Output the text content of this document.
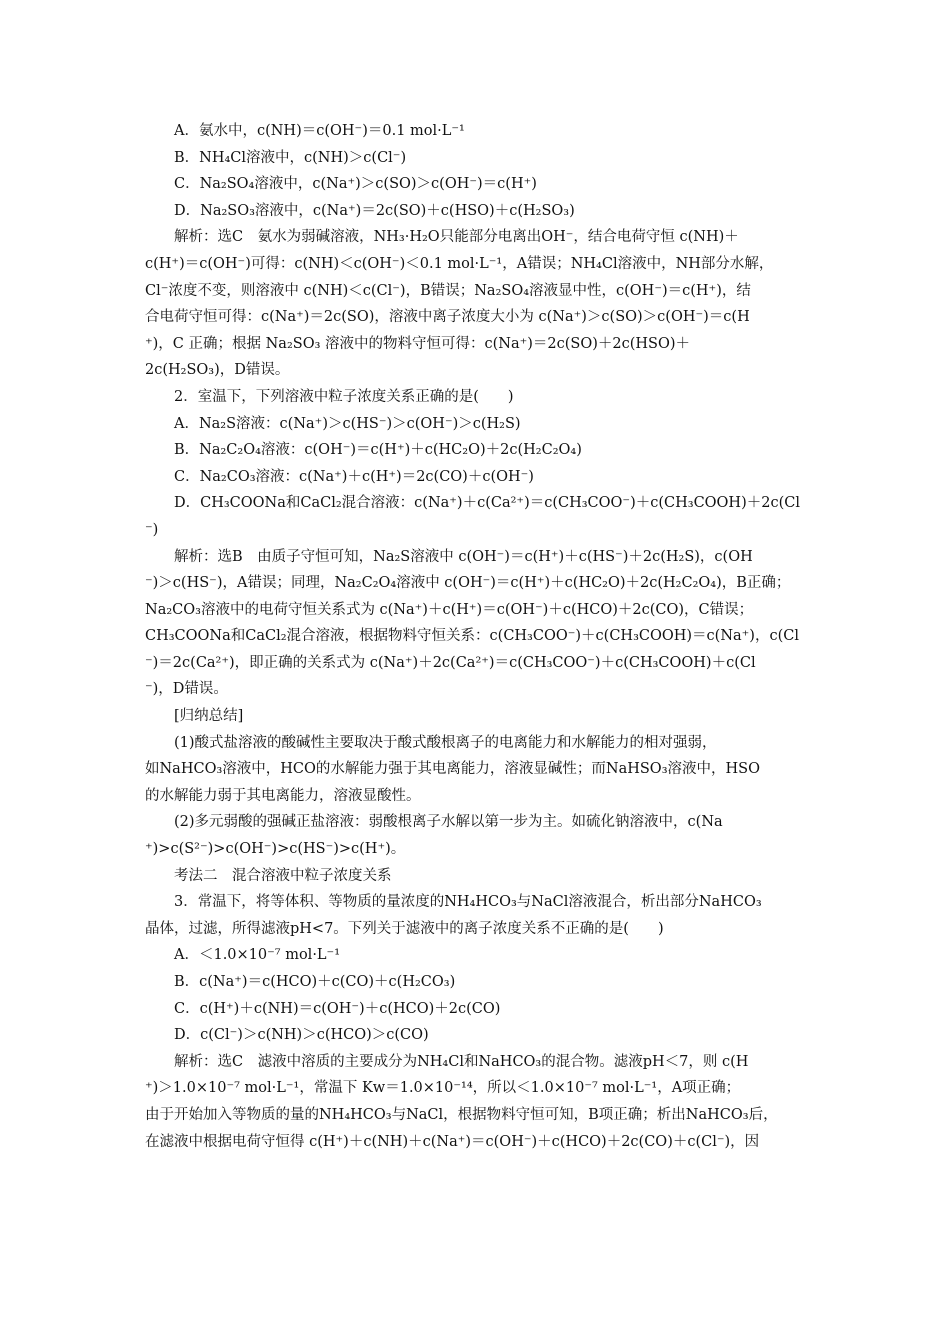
A．氨水中，c(NH)＝c(OH⁻)＝0.1 mol·L⁻¹
B．NH₄Cl溶液中，c(NH)＞c(Cl⁻)
C．Na₂SO₄溶液中，c(Na⁺)＞c(SO)＞c(OH⁻)＝c(H⁺)
D．Na₂SO₃溶液中，c(Na⁺)＝2c(SO)＋c(HSO)＋c(H₂SO₃)
解析：选C　氨水为弱碱溶液，NH₃·H₂O只能部分电离出OH⁻，结合电荷守恒 c(NH)＋
c(H⁺)＝c(OH⁻)可得：c(NH)＜c(OH⁻)＜0.1 mol·L⁻¹，A错误；NH₄Cl溶液中，NH部分水解，
Cl⁻浓度不变，则溶液中 c(NH)＜c(Cl⁻)，B错误；Na₂SO₄溶液显中性，c(OH⁻)＝c(H⁺)，结
合电荷守恒可得：c(Na⁺)＝2c(SO)，溶液中离子浓度大小为 c(Na⁺)＞c(SO)＞c(OH⁻)＝c(H
⁺)，C 正确；根据 Na₂SO₃ 溶液中的物料守恒可得：c(Na⁺)＝2c(SO)＋2c(HSO)＋
2c(H₂SO₃)，D错误。
2．室温下，下列溶液中粒子浓度关系正确的是(　　)
A．Na₂S溶液：c(Na⁺)＞c(HS⁻)＞c(OH⁻)＞c(H₂S)
B．Na₂C₂O₄溶液：c(OH⁻)＝c(H⁺)＋c(HC₂O)＋2c(H₂C₂O₄)
C．Na₂CO₃溶液：c(Na⁺)＋c(H⁺)＝2c(CO)＋c(OH⁻)
D．CH₃COONa和CaCl₂混合溶液：c(Na⁺)＋c(Ca²⁺)＝c(CH₃COO⁻)＋c(CH₃COOH)＋2c(Cl
⁻)
解析：选B　由质子守恒可知，Na₂S溶液中 c(OH⁻)＝c(H⁺)＋c(HS⁻)＋2c(H₂S)，c(OH
⁻)＞c(HS⁻)，A错误；同理，Na₂C₂O₄溶液中 c(OH⁻)＝c(H⁺)＋c(HC₂O)＋2c(H₂C₂O₄)，B正确；
Na₂CO₃溶液中的电荷守恒关系式为 c(Na⁺)＋c(H⁺)＝c(OH⁻)＋c(HCO)＋2c(CO)，C错误；
CH₃COONa和CaCl₂混合溶液，根据物料守恒关系：c(CH₃COO⁻)＋c(CH₃COOH)＝c(Na⁺)，c(Cl
⁻)＝2c(Ca²⁺)，即正确的关系式为 c(Na⁺)＋2c(Ca²⁺)＝c(CH₃COO⁻)＋c(CH₃COOH)＋c(Cl
⁻)，D错误。
[归纳总结]
(1)酸式盐溶液的酸碱性主要取决于酸式酸根离子的电离能力和水解能力的相对强弱，
如NaHCO₃溶液中，HCO的水解能力强于其电离能力，溶液显碱性；而NaHSO₃溶液中，HSO
的水解能力弱于其电离能力，溶液显酸性。
(2)多元弱酸的强碱正盐溶液：弱酸根离子水解以第一步为主。如硫化钠溶液中，c(Na
⁺)>c(S²⁻)>c(OH⁻)>c(HS⁻)>c(H⁺)。
考法二　混合溶液中粒子浓度关系
3．常温下，将等体积、等物质的量浓度的NH₄HCO₃与NaCl溶液混合，析出部分NaHCO₃
晶体，过滤，所得滤液pH<7。下列关于滤液中的离子浓度关系不正确的是(　　)
A．＜1.0×10⁻⁷ mol·L⁻¹
B．c(Na⁺)＝c(HCO)＋c(CO)＋c(H₂CO₃)
C．c(H⁺)＋c(NH)＝c(OH⁻)＋c(HCO)＋2c(CO)
D．c(Cl⁻)＞c(NH)＞c(HCO)＞c(CO)
解析：选C　滤液中溶质的主要成分为NH₄Cl和NaHCO₃的混合物。滤液pH＜7，则 c(H
⁺)＞1.0×10⁻⁷ mol·L⁻¹，常温下 Kw＝1.0×10⁻¹⁴，所以＜1.0×10⁻⁷ mol·L⁻¹，A项正确；
由于开始加入等物质的量的NH₄HCO₃与NaCl，根据物料守恒可知，B项正确；析出NaHCO₃后，
在滤液中根据电荷守恒得 c(H⁺)＋c(NH)＋c(Na⁺)＝c(OH⁻)＋c(HCO)＋2c(CO)＋c(Cl⁻)，因
